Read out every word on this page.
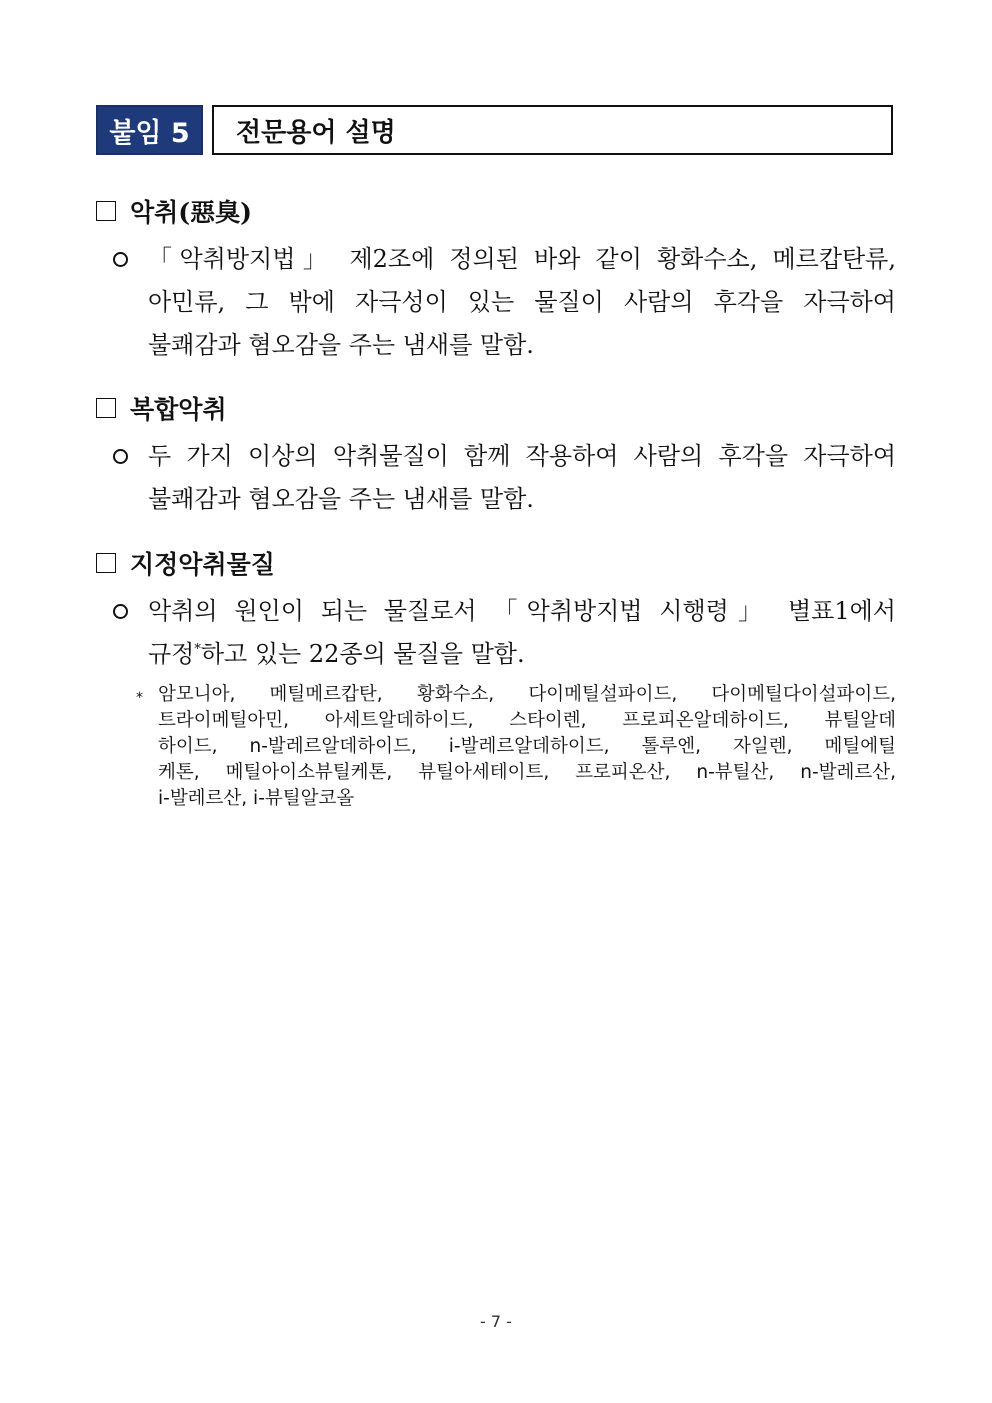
붙임 5	전문용어 설명
악취(惡臭)
「악취방지법」 제2조에 정의된 바와 같이 황화수소, 메르캅탄류,
아민류, 그 밖에 자극성이 있는 물질이 사람의 후각을 자극하여
불쾌감과 혐오감을 주는 냄새를 말함.
복합악취
두 가지 이상의 악취물질이 함께 작용하여 사람의 후각을 자극하여
불쾌감과 혐오감을 주는 냄새를 말함.
지정악취물질
악취의 원인이 되는 물질로서 「악취방지법 시행령」 별표1에서
규정*하고 있는 22종의 물질을 말함.
* 암모니아, 메틸메르캅탄, 황화수소, 다이메틸설파이드, 다이메틸다이설파이드,
트라이메틸아민, 아세트알데하이드, 스타이렌, 프로피온알데하이드, 뷰틸알데
하이드, n-발레르알데하이드, i-발레르알데하이드, 톨루엔, 자일렌, 메틸에틸
케톤, 메틸아이소뷰틸케톤, 뷰틸아세테이트, 프로피온산, n-뷰틸산, n-발레르산,
i-발레르산, i-뷰틸알코올
- 7 -
